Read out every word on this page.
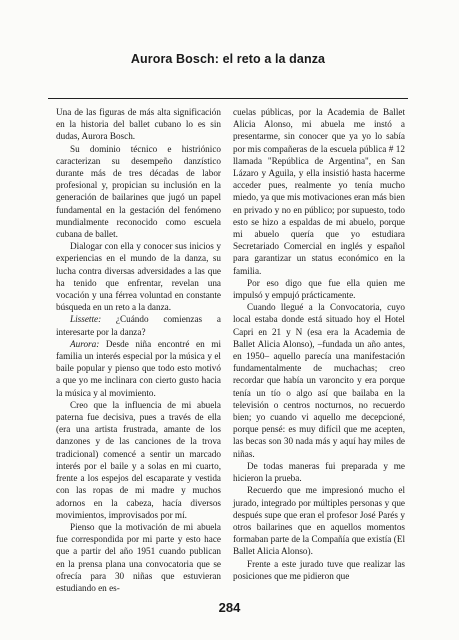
Aurora Bosch: el reto a la danza

Una de las figuras de más alta significación en la historia del ballet cubano lo es sin dudas, Aurora Bosch.

Su dominio técnico e histriónico caracterizan su desempeño danzístico durante más de tres décadas de labor profesional y, propician su inclusión en la generación de bailarines que jugó un papel fundamental en la gestación del fenómeno mundialmente reconocido como escuela cubana de ballet.

Dialogar con ella y conocer sus inicios y experiencias en el mundo de la danza, su lucha contra diversas adversidades a las que ha tenido que enfrentar, revelan una vocación y una férrea voluntad en constante búsqueda en un reto a la danza.

Lissette: ¿Cuándo comienzas a interesarte por la danza?

Aurora: Desde niña encontré en mi familia un interés especial por la música y el baile popular y pienso que todo esto motivó a que yo me inclinara con cierto gusto hacia la música y al movimiento.

Creo que la influencia de mi abuela paterna fue decisiva, pues a través de ella (era una artista frustrada, amante de los danzones y de las canciones de la trova tradicional) comencé a sentir un marcado interés por el baile y a solas en mi cuarto, frente a los espejos del escaparate y vestida con las ropas de mi madre y muchos adornos en la cabeza, hacía diversos movimientos, improvisados por mí.

Pienso que la motivación de mi abuela fue correspondida por mi parte y esto hace que a partir del año 1951 cuando publican en la prensa plana una convocatoria que se ofrecía para 30 niñas que estuvieran estudiando en es-

cuelas públicas, por la Academia de Ballet Alicia Alonso, mi abuela me instó a presentarme, sin conocer que ya yo lo sabía por mis compañeras de la escuela pública # 12 llamada "República de Argentina", en San Lázaro y Aguila, y ella insistió hasta hacerme acceder pues, realmente yo tenía mucho miedo, ya que mis motivaciones eran más bien en privado y no en público; por supuesto, todo esto se hizo a espaldas de mi abuelo, porque mi abuelo quería que yo estudiara Secretariado Comercial en inglés y español para garantizar un status económico en la familia.

Por eso digo que fue ella quien me impulsó y empujó prácticamente.

Cuando llegué a la Convocatoria, cuyo local estaba donde está situado hoy el Hotel Capri en 21 y N (esa era la Academia de Ballet Alicia Alonso), –fundada un año antes, en 1950– aquello parecía una manifestación fundamentalmente de muchachas; creo recordar que había un varoncito y era porque tenía un tío o algo así que bailaba en la televisión o centros nocturnos, no recuerdo bien; yo cuando vi aquello me decepcioné, porque pensé: es muy difícil que me acepten, las becas son 30 nada más y aquí hay miles de niñas.

De todas maneras fui preparada y me hicieron la prueba.

Recuerdo que me impresionó mucho el jurado, integrado por múltiples personas y que después supe que eran el profesor José Parés y otros bailarines que en aquellos momentos formaban parte de la Compañía que existía (El Ballet Alicia Alonso).

Frente a este jurado tuve que realizar las posiciones que me pidieron que

284
